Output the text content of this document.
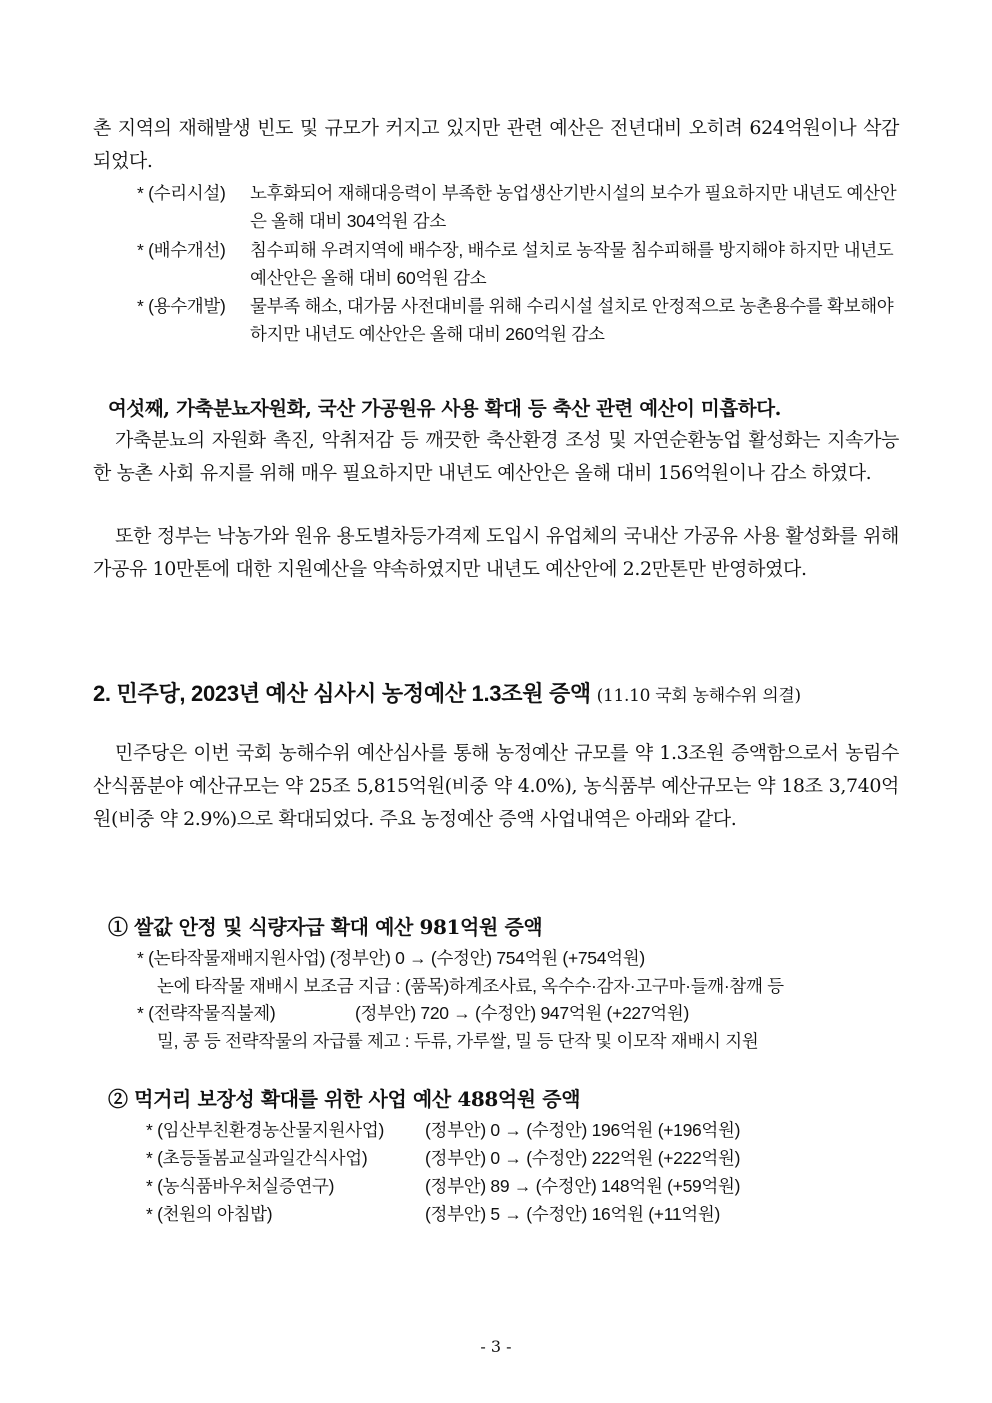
촌 지역의 재해발생 빈도 및 규모가 커지고 있지만 관련 예산은 전년대비 오히려 624억원이나 삭감되었다.
* (수리시설) 노후화되어 재해대응력이 부족한 농업생산기반시설의 보수가 필요하지만 내년도 예산안은 올해 대비 304억원 감소
* (배수개선) 침수피해 우려지역에 배수장, 배수로 설치로 농작물 침수피해를 방지해야 하지만 내년도 예산안은 올해 대비 60억원 감소
* (용수개발) 물부족 해소, 대가뭄 사전대비를 위해 수리시설 설치로 안정적으로 농촌용수를 확보해야 하지만 내년도 예산안은 올해 대비 260억원 감소
여섯째, 가축분뇨자원화, 국산 가공원유 사용 확대 등 축산 관련 예산이 미흡하다.
가축분뇨의 자원화 촉진, 악취저감 등 깨끗한 축산환경 조성 및 자연순환농업 활성화는 지속가능한 농촌 사회 유지를 위해 매우 필요하지만 내년도 예산안은 올해 대비 156억원이나 감소 하였다.
또한 정부는 낙농가와 원유 용도별차등가격제 도입시 유업체의 국내산 가공유 사용 활성화를 위해 가공유 10만톤에 대한 지원예산을 약속하였지만 내년도 예산안에 2.2만톤만 반영하였다.
2. 민주당, 2023년 예산 심사시 농정예산 1.3조원 증액 (11.10 국회 농해수위 의결)
민주당은 이번 국회 농해수위 예산심사를 통해 농정예산 규모를 약 1.3조원 증액함으로서 농림수산식품분야 예산규모는 약 25조 5,815억원(비중 약 4.0%), 농식품부 예산규모는 약 18조 3,740억원(비중 약 2.9%)으로 확대되었다. 주요 농정예산 증액 사업내역은 아래와 같다.
① 쌀값 안정 및 식량자급 확대 예산 981억원 증액
* (논타작물재배지원사업) (정부안) 0 → (수정안) 754억원 (+754억원)
논에 타작물 재배시 보조금 지급 : (품목)하계조사료, 옥수수·감자·고구마·들깨·참깨 등
* (전략작물직불제)	(정부안) 720 → (수정안) 947억원 (+227억원)
밀, 콩 등 전략작물의 자급률 제고 : 두류, 가루쌀, 밀 등 단작 및 이모작 재배시 지원
② 먹거리 보장성 확대를 위한 사업 예산 488억원 증액
* (임산부친환경농산물지원사업) (정부안) 0 → (수정안) 196억원 (+196억원)
* (초등돌봄교실과일간식사업)	(정부안) 0 → (수정안) 222억원 (+222억원)
* (농식품바우처실증연구)	(정부안) 89 → (수정안) 148억원 (+59억원)
* (천원의 아침밥)	(정부안) 5 → (수정안) 16억원 (+11억원)
- 3 -
